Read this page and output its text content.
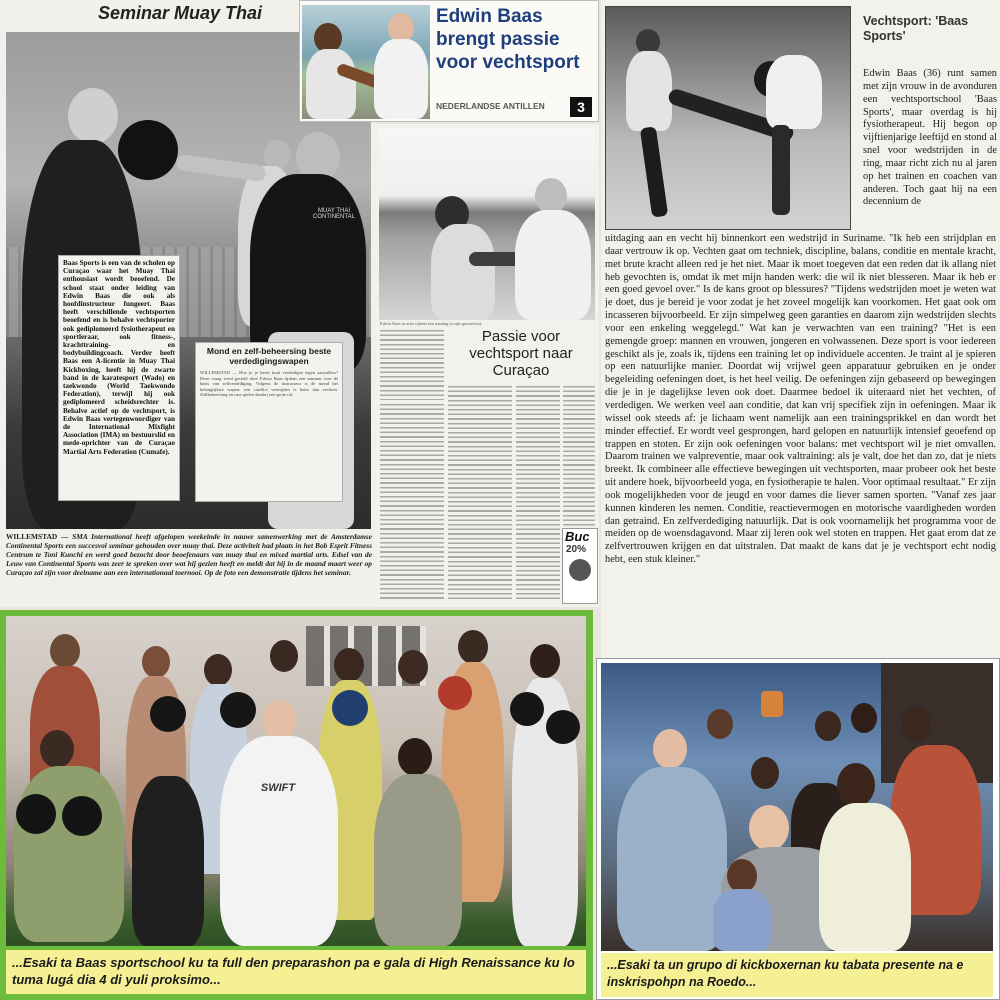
Seminar Muay Thai
MUAY THAI CONTINENTAL
Baas Sports is een van de scholen op Curaçao waar het Muay Thai enthousiast wordt beoefend. De school staat onder leiding van Edwin Baas die ook als hoofdinstructeur fungeert. Baas heeft verschillende vechtsporten beoefend en is behalve vechtsporter ook gediplomeerd fysiotherapeut en sportleraar, ook fitness-, krachttraining- en bodybuildingcoach. Verder heeft Baas een A-licentie in Muay Thai Kickboxing, heeft hij de zwarte band in de karatesport (Wado) en taekwondo (World Taekwondo Federation), terwijl hij ook gediplomeerd scheidsrechter is. Behalve actief op de vechtsport, is Edwin Baas vertegenwoordiger van de International Mixfight Association (IMA) en bestuurslid en mede-oprichter van de Curaçao Martial Arts Federation (Cumafe).
Mond en zelf-beheersing beste verdedigingswapen
WILLEMSTAD — Hoe je je beste kunt verdedigen tegen aanvallers? Deze vraag werd gesteld door Edwin Baas tijdens een seminar over de basis van zelfverdediging. Volgens de instructeur is de mond het belangrijkste wapen: een conflict vermijden is beter dan vechten. Zelfbeheersing en rust spelen daarbij een grote rol.
WILLEMSTAD — SMA International heeft afgelopen weekeinde in nauwe samenwerking met de Amsterdamse Continental Sports een succesvol seminar gehouden over muay thai. Deze activiteit had plaats in het Bob Esprit Fitness Centrum te Toni Kunchi en werd goed bezocht door beoefenaars van muay thai en mixed martial arts. Edsel van de Leuw van Continental Sports was zeer te spreken over wat hij gezien heeft en meldt dat hij in de maand maart weer op Curaçao zal zijn voor deelname aan een internationaal toernooi. Op de foto een demonstratie tijdens het seminar.
Edwin Baas brengt passie voor vechtsport
NEDERLANDSE ANTILLEN	3
Edwin Baas in actie tijdens een training in zijn sportschool.
Passie voor vechtsport naar Curaçao
Buc
20%
Vechtsport: 'Baas Sports'
Edwin Baas (36) runt samen met zijn vrouw in de avonduren een vechtsportschool 'Baas Sports', maar overdag is hij fysiotherapeut. Hij begon op vijftienjarige leeftijd en stond al snel voor wedstrijden in de ring, maar richt zich nu al jaren op het trainen en coachen van anderen. Toch gaat hij na een decennium de
uitdaging aan en vecht hij binnenkort een wedstrijd in Suriname. "Ik heb een strijdplan en daar vertrouw ik op. Vechten gaat om techniek, discipline, balans, conditie en mentale kracht, met brute kracht alleen red je het niet. Maar ik moet toegeven dat een reden dat ik allang niet heb gevochten is, omdat ik met mijn handen werk: die wil ik niet blesseren. Maar ik heb er een goed gevoel over." Is de kans groot op blessures? "Tijdens wedstrijden moet je weten wat je doet, dus je bereid je voor zodat je het zoveel mogelijk kan voorkomen. Het gaat ook om incasseren bijvoorbeeld. Er zijn simpelweg geen garanties en daarom zijn wedstrijden slechts voor een enkeling weggelegd." Wat kan je verwachten van een training? "Het is een gemengde groep: mannen en vrouwen, jongeren en volwassenen. Deze sport is voor iedereen geschikt als je, zoals ik, tijdens een training let op individuele accenten. Je traint al je spieren op een natuurlijke manier. Doordat wij vrijwel geen apparatuur gebruiken en je onder begeleiding oefeningen doet, is het heel veilig. De oefeningen zijn gebaseerd op bewegingen die je in je dagelijkse leven ook doet. Daarmee bedoel ik uiteraard niet het vechten, of verdedigen. We werken veel aan conditie, dat kan vrij specifiek zijn in oefeningen. Maar ik wissel ook steeds af: je lichaam went namelijk aan een trainingsprikkel en dan wordt het minder effectief. Er wordt veel gesprongen, hard gelopen en natuurlijk intensief geoefend op trappen en stoten. Er zijn ook oefeningen voor balans: met vechtsport wil je niet omvallen. Daarom trainen we valpreventie, maar ook valtraining: als je valt, doe het dan zo, dat je niets breekt. Ik combineer alle effectieve bewegingen uit vechtsporten, maar probeer ook het beste uit andere hoek, bijvoorbeeld yoga, en fysiotherapie te halen. Voor optimaal resultaat." Er zijn ook mogelijkheden voor de jeugd en voor dames die liever samen sporten. "Vanaf zes jaar kunnen kinderen les nemen. Conditie, reactievermogen en motorische vaardigheden worden dan getraind. En zelfverdediging natuurlijk. Dat is ook voornamelijk het programma voor de meiden op de woensdagavond. Maar zij leren ook wel stoten en trappen. Het gaat erom dat ze zelfvertrouwen krijgen en dat uitstralen. Dat maakt de kans dat je je vechtsport echt nodig hebt, een stuk kleiner."
SWIFT
...Esaki ta Baas sportschool ku ta full den preparashon pa e gala di High Renaissance ku lo tuma lugá dia 4 di yuli proksimo...
...Esaki ta un grupo di kickboxernan ku tabata presente na e inskrispohpn na Roedo...
